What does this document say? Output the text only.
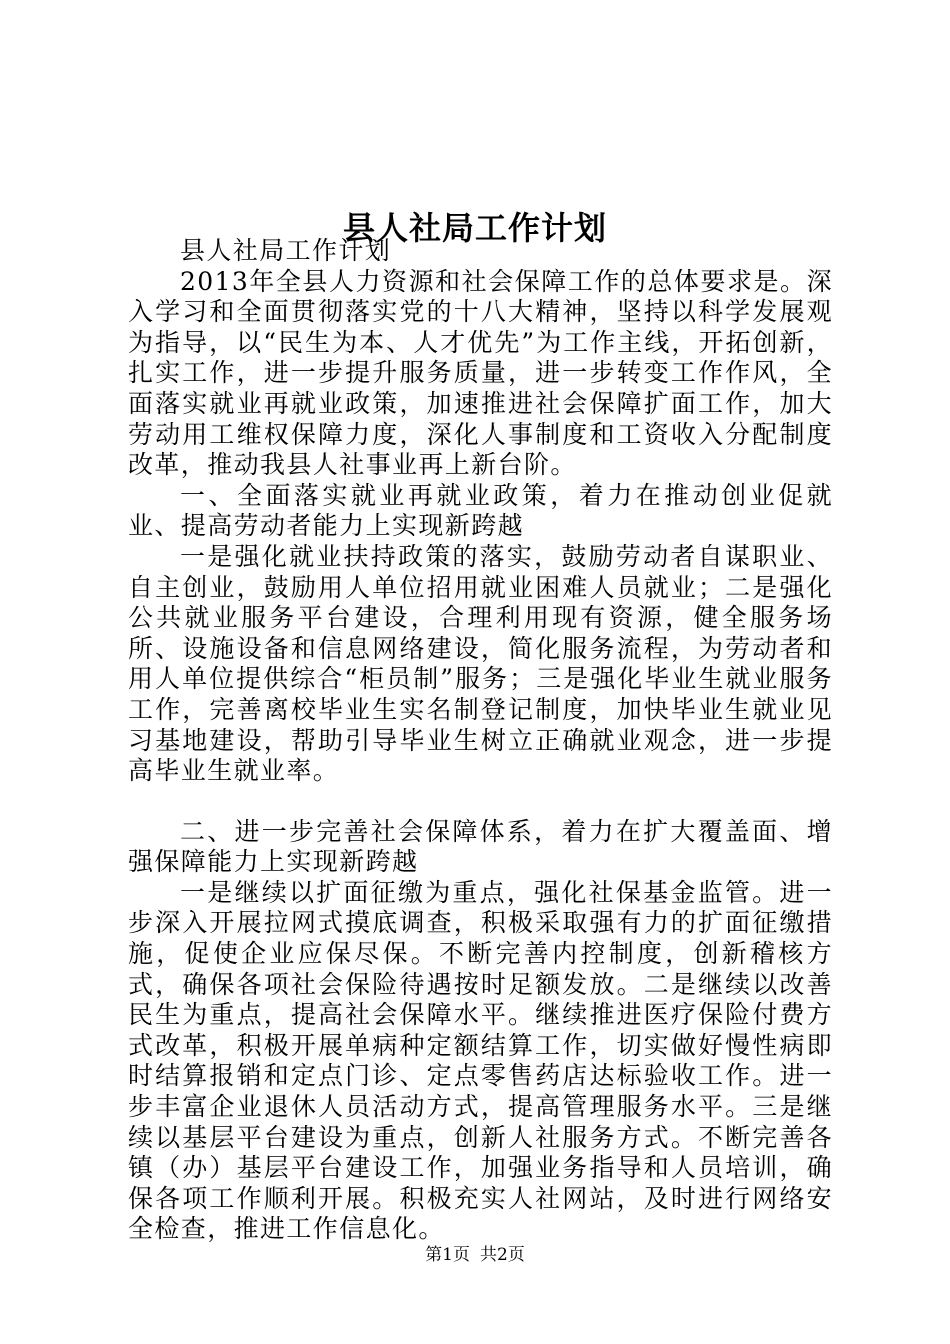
县人社局工作计划

县人社局工作计划

2013年全县人力资源和社会保障工作的总体要求是。深入学习和全面贯彻落实党的十八大精神，坚持以科学发展观为指导，以“民生为本、人才优先”为工作主线，开拓创新，扎实工作，进一步提升服务质量，进一步转变工作作风，全面落实就业再就业政策，加速推进社会保障扩面工作，加大劳动用工维权保障力度，深化人事制度和工资收入分配制度改革，推动我县人社事业再上新台阶。

一、全面落实就业再就业政策，着力在推动创业促就业、提高劳动者能力上实现新跨越

一是强化就业扶持政策的落实，鼓励劳动者自谋职业、自主创业，鼓励用人单位招用就业困难人员就业；二是强化公共就业服务平台建设，合理利用现有资源，健全服务场所、设施设备和信息网络建设，简化服务流程，为劳动者和用人单位提供综合“柜员制”服务；三是强化毕业生就业服务工作，完善离校毕业生实名制登记制度，加快毕业生就业见习基地建设，帮助引导毕业生树立正确就业观念，进一步提高毕业生就业率。

二、进一步完善社会保障体系，着力在扩大覆盖面、增强保障能力上实现新跨越

一是继续以扩面征缴为重点，强化社保基金监管。进一步深入开展拉网式摸底调查，积极采取强有力的扩面征缴措施，促使企业应保尽保。不断完善内控制度，创新稽核方式，确保各项社会保险待遇按时足额发放。二是继续以改善民生为重点，提高社会保障水平。继续推进医疗保险付费方式改革，积极开展单病种定额结算工作，切实做好慢性病即时结算报销和定点门诊、定点零售药店达标验收工作。进一步丰富企业退休人员活动方式，提高管理服务水平。三是继续以基层平台建设为重点，创新人社服务方式。不断完善各镇（办）基层平台建设工作，加强业务指导和人员培训，确保各项工作顺利开展。积极充实人社网站，及时进行网络安全检查，推进工作信息化。

第1页 共2页
